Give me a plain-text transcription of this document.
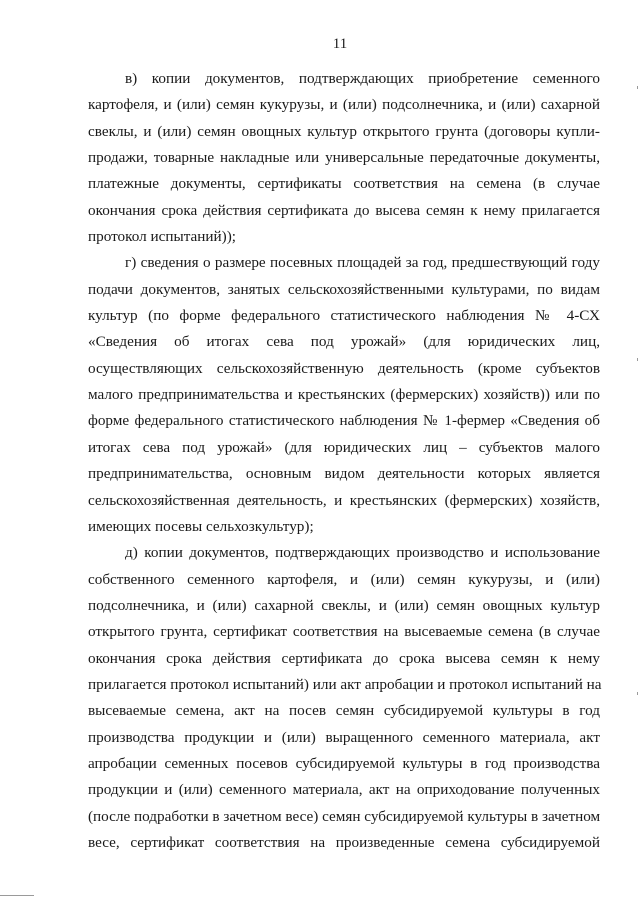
11
в) копии документов, подтверждающих приобретение семенного
картофеля, и (или) семян кукурузы, и (или) подсолнечника, и (или) сахарной
свеклы, и (или) семян овощных культур открытого грунта (договоры купли-
продажи, товарные накладные или универсальные передаточные документы,
платежные документы, сертификаты соответствия на семена (в случае
окончания срока действия сертификата до высева семян к нему прилагается
протокол испытаний));
г) сведения о размере посевных площадей за год, предшествующий году
подачи документов, занятых сельскохозяйственными культурами, по видам
культур (по форме федерального статистического наблюдения № 4-СХ
«Сведения об итогах сева под урожай» (для юридических лиц,
осуществляющих сельскохозяйственную деятельность (кроме субъектов
малого предпринимательства и крестьянских (фермерских) хозяйств)) или по
форме федерального статистического наблюдения № 1-фермер «Сведения об
итогах сева под урожай» (для юридических лиц – субъектов малого
предпринимательства, основным видом деятельности которых является
сельскохозяйственная деятельность, и крестьянских (фермерских) хозяйств,
имеющих посевы сельхозкультур);
д) копии документов, подтверждающих производство и использование
собственного семенного картофеля, и (или) семян кукурузы, и (или)
подсолнечника, и (или) сахарной свеклы, и (или) семян овощных культур
открытого грунта, сертификат соответствия на высеваемые семена (в случае
окончания срока действия сертификата до срока высева семян к нему
прилагается протокол испытаний) или акт апробации и протокол испытаний на
высеваемые семена, акт на посев семян субсидируемой культуры в год
производства продукции и (или) выращенного семенного материала, акт
апробации семенных посевов субсидируемой культуры в год производства
продукции и (или) семенного материала, акт на оприходование полученных
(после подработки в зачетном весе) семян субсидируемой культуры в зачетном
весе, сертификат соответствия на произведенные семена субсидируемой
